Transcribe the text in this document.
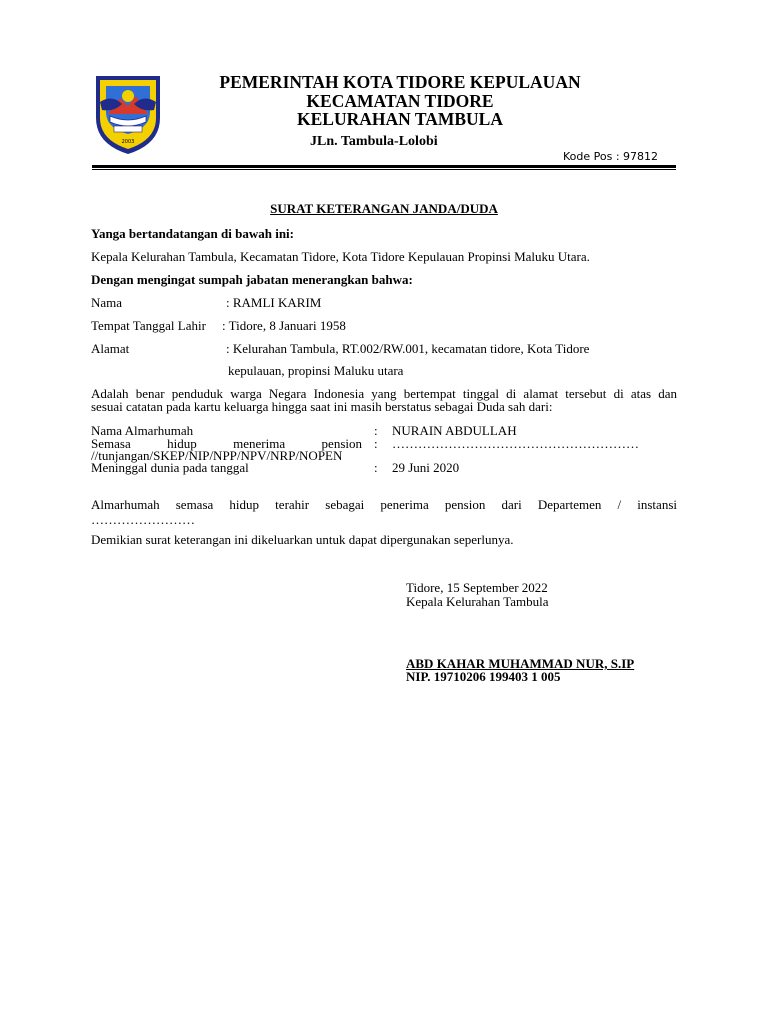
2003
PEMERINTAH KOTA TIDORE KEPULAUAN
KECAMATAN TIDORE
KELURAHAN TAMBULA
JLn. Tambula-Lolobi
Kode Pos : 97812
SURAT KETERANGAN JANDA/DUDA
Yanga bertandatangan di bawah ini:
Kepala Kelurahan Tambula, Kecamatan Tidore, Kota Tidore Kepulauan Propinsi Maluku Utara.
Dengan mengingat sumpah jabatan menerangkan bahwa:
Nama	: RAMLI KARIM
Tempat Tanggal Lahir : Tidore, 8 Januari 1958
Alamat	: Kelurahan Tambula, RT.002/RW.001, kecamatan tidore, Kota Tidore
kepulauan, propinsi Maluku utara
Adalah benar penduduk warga Negara Indonesia yang bertempat tinggal di alamat tersebut di atas dan
sesuai catatan pada kartu keluarga hingga saat ini masih berstatus sebagai Duda sah dari:
Nama Almarhumah	: NURAIN ABDULLAH
Semasa hidup menerima pension
//tunjangan/SKEP/NIP/NPP/NPV/NRP/NOPEN
: …………………………………………………
Meninggal dunia pada tanggal	: 29 Juni 2020
Almarhumah semasa hidup terahir sebagai penerima pension dari Departemen / instansi
……………………
Demikian surat keterangan ini dikeluarkan untuk dapat dipergunakan seperlunya.
Tidore, 15 September 2022
Kepala Kelurahan Tambula
ABD KAHAR MUHAMMAD NUR, S.IP
NIP. 19710206 199403 1 005
